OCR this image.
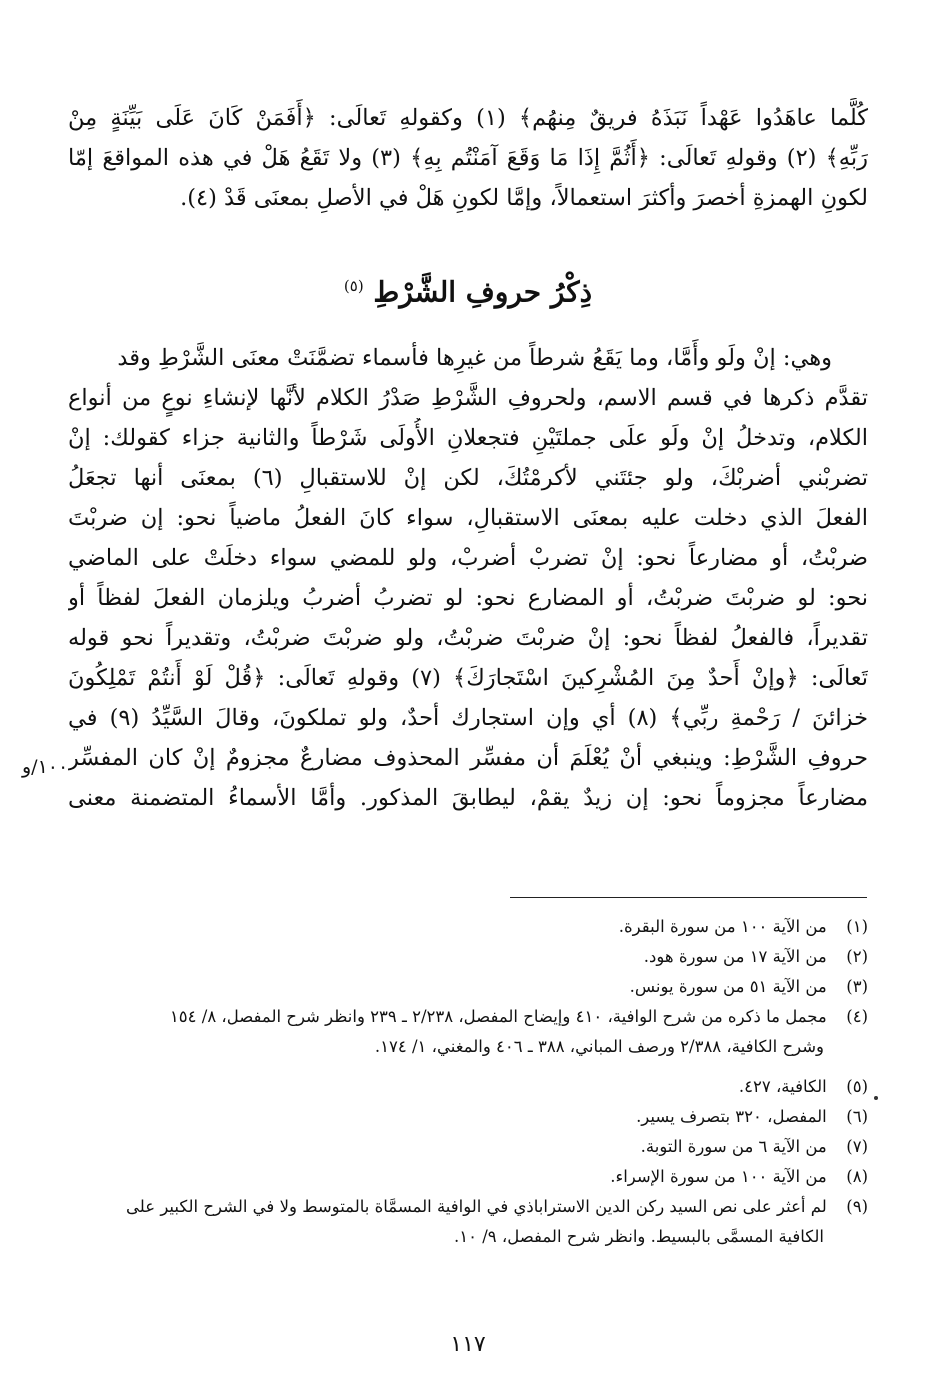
كُلَّما عاهَدُوا عَهْداً نَبَذَهُ فريقٌ مِنهُم﴾ (١) وكقولهِ تَعالَى: ﴿أَفَمَنْ كَانَ عَلَى بَيِّنَةٍ مِنْ
رَبِّهِ﴾ (٢) وقولهِ تَعالَى: ﴿أَثُمَّ إِذَا مَا وَقَعَ آمَنْتُم بِهِ﴾ (٣) ولا تَقَعُ هَلْ في هذه المواقعَ إمّا
لكونِ الهمزةِ أخصرَ وأكثرَ استعمالاً، وإمَّا لكونِ هَلْ في الأصلِ بمعنَى قَدْ (٤).
ذِكْرُ حروفِ الشَّرْطِ $^{(٥)}$
وهي: إنْ ولَو وأَمَّا، وما يَقَعُ شرطاً من غيرِها فأسماء تضمَّنَتْ معنَى الشَّرْطِ وقد
تقدَّم ذكرها في قسم الاسم، ولحروفِ الشَّرْطِ صَدْرُ الكلام لأنَّها لإنشاءِ نوعٍ من أنواع
الكلام، وتدخلُ إنْ ولَو علَى جملتَيْنِ فتجعلانِ الأُولَى شَرْطاً والثانية جزاء كقولك: إنْ
تضربْني أضربْكَ، ولو جئتَني لأكرمْتُكَ، لكن إنْ للاستقبالِ (٦) بمعنَى أنها تجعَلُ
الفعلَ الذي دخلت عليه بمعنَى الاستقبالِ، سواء كانَ الفعلُ ماضياً نحو: إن ضربْتَ
ضربْتُ، أو مضارعاً نحو: إنْ تضربْ أضربْ، ولو للمضي سواء دخلَتْ على الماضي
نحو: لو ضربْتَ ضربْتُ، أو المضارع نحو: لو تضربُ أضربُ ويلزمان الفعلَ لفظاً أو
تقديراً، فالفعلُ لفظاً نحو: إنْ ضربْتَ ضربْتُ، ولو ضربْتَ ضربْتُ، وتقديراً نحو قوله
تَعالَى: ﴿وإنْ أَحدٌ مِنَ المُشْرِكينَ اسْتَجارَكَ﴾ (٧) وقولهِ تَعالَى: ﴿قُلْ لَوْ أَنتُمْ تَمْلِكُونَ
خزائنَ / رَحْمةِ ربِّي﴾ (٨) أي وإن استجارك أحدٌ، ولو تملكونَ، وقالَ السَّيِّدُ (٩) في
حروفِ الشَّرْطِ: وينبغي أنْ يُعْلَمَ أن مفسِّر المحذوف مضارعٌ مجزومٌ إنْ كان المفسِّر
مضارعاً مجزوماً نحو: إن زيدٌ يقمْ، ليطابقَ المذكور. وأمَّا الأسماءُ المتضمنة معنى
١٠٠/و
(١) من الآية ١٠٠ من سورة البقرة.
(٢) من الآية ١٧ من سورة هود.
(٣) من الآية ٥١ من سورة يونس.
(٤) مجمل ما ذكره من شرح الوافية، ٤١٠ وإيضاح المفصل، ٢/٢٣٨ ـ ٢٣٩ وانظر شرح المفصل، ٨/ ١٥٤
وشرح الكافية، ٢/٣٨٨ ورصف المباني، ٣٨٨ ـ ٤٠٦ والمغني، ١/ ١٧٤.
(٥) الكافية، ٤٢٧.
(٦) المفصل، ٣٢٠ بتصرف يسير.
(٧) من الآية ٦ من سورة التوبة.
(٨) من الآية ١٠٠ من سورة الإسراء.
(٩) لم أعثر على نص السيد ركن الدين الاستراباذي في الوافية المسمَّاة بالمتوسط ولا في الشرح الكبير على
الكافية المسمَّى بالبسيط. وانظر شرح المفصل، ٩/ ١٠.
١١٧
